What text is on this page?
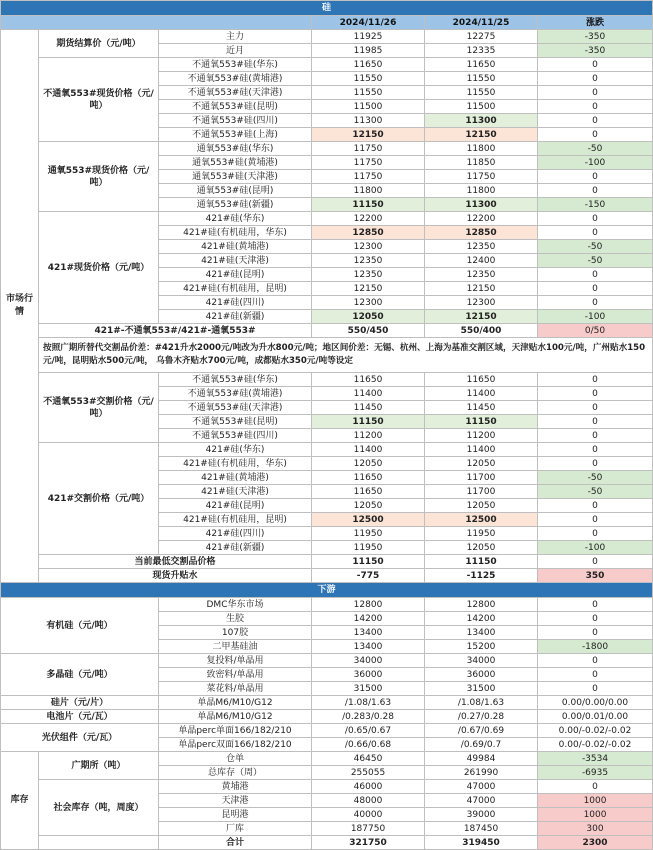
硅					
			2024/11/26	2024/11/25	涨跌
市场行情	期货结算价（元/吨）	主力	11925	12275	-350
		近月	11985	12335	-350
	不通氧553#现货价格（元/吨）	不通氧553#硅(华东)	11650	11650	0
		不通氧553#硅(黄埔港)	11550	11550	0
		不通氧553#硅(天津港)	11550	11550	0
		不通氧553#硅(昆明)	11500	11500	0
		不通氧553#硅(四川)	11300	11300	0
		不通氧553#硅(上海)	12150	12150	0
	通氧553#现货价格（元/吨）	通氧553#硅(华东)	11750	11800	-50
		通氧553#硅(黄埔港)	11750	11850	-100
		通氧553#硅(天津港)	11750	11750	0
		通氧553#硅(昆明)	11800	11800	0
		通氧553#硅(新疆)	11150	11300	-150
	421#现货价格（元/吨）	421#硅(华东)	12200	12200	0
		421#硅(有机硅用，华东)	12850	12850	0
		421#硅(黄埔港)	12300	12350	-50
		421#硅(天津港)	12350	12400	-50
		421#硅(昆明)	12350	12350	0
		421#硅(有机硅用，昆明)	12150	12150	0
		421#硅(四川)	12300	12300	0
		421#硅(新疆)	12050	12150	-100
	421#-不通氧553#/421#-通氧553#		550/450	550/400	0/50
	按照广期所替代交割品价差：#421升水2000元/吨改为升水800元/吨；地区间价差：无锡、杭州、上海为基准交割区域，天津贴水100元/吨，广州贴水150元/吨，昆明贴水500元/吨， 乌鲁木齐贴水700元/吨，成都贴水350元/吨等设定				
	不通氧553#交割价格（元/吨）	不通氧553#硅(华东)	11650	11650	0
		不通氧553#硅(黄埔港)	11400	11400	0
		不通氧553#硅(天津港)	11450	11450	0
		不通氧553#硅(昆明)	11150	11150	0
		不通氧553#硅(四川)	11200	11200	0
	421#交割价格（元/吨）	421#硅(华东)	11400	11400	0
		421#硅(有机硅用，华东)	12050	12050	0
		421#硅(黄埔港)	11650	11700	-50
		421#硅(天津港)	11650	11700	-50
		421#硅(昆明)	12050	12050	0
		421#硅(有机硅用，昆明)	12500	12500	0
		421#硅(四川)	11950	11950	0
		421#硅(新疆)	11950	12050	-100
	当前最低交割品价格		11150	11150	0
	现货升贴水		-775	-1125	350
下游					
有机硅（元/吨）		DMC华东市场	12800	12800	0
		生胶	14200	14200	0
		107胶	13400	13400	0
		二甲基硅油	13400	15200	-1800
多晶硅（元/吨）		复投料/单晶用	34000	34000	0
		致密料/单晶用	36000	36000	0
		菜花料/单晶用	31500	31500	0
硅片（元/片）		单晶M6/M10/G12	/1.08/1.63	/1.08/1.63	0.00/0.00/0.00
电池片（元/瓦）		单晶M6/M10/G12	/0.283/0.28	/0.27/0.28	0.00/0.01/0.00
光伏组件（元/瓦）		单晶perc单面166/182/210	/0.65/0.67	/0.67/0.69	0.00/-0.02/-0.02
		单晶perc双面166/182/210	/0.66/0.68	/0.69/0.7	0.00/-0.02/-0.02
库存	广期所（吨）	仓单	46450	49984	-3534
		总库存（周）	255055	261990	-6935
	社会库存（吨，周度）	黄埔港	46000	47000	0
		天津港	48000	47000	1000
		昆明港	40000	39000	1000
		厂库	187750	187450	300
		合计	321750	319450	2300
